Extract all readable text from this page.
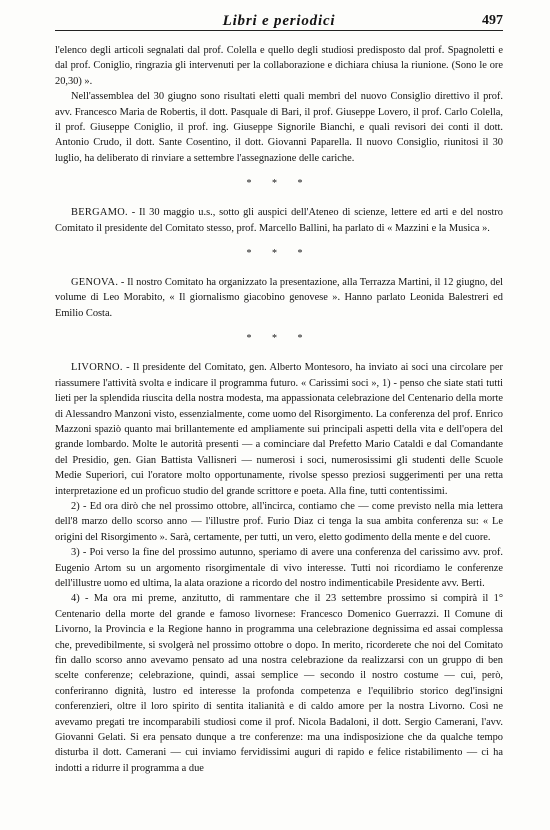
Libri e periodici	497

l'elenco degli articoli segnalati dal prof. Colella e quello degli studiosi predisposto dal prof. Spagnoletti e dal prof. Coniglio, ringrazia gli intervenuti per la collaborazione e dichiara chiusa la riunione. (Sono le ore 20,30) ».

Nell'assemblea del 30 giugno sono risultati eletti quali membri del nuovo Consiglio direttivo il prof. avv. Francesco Maria de Robertis, il dott. Pasquale di Bari, il prof. Giuseppe Lovero, il prof. Carlo Colella, il prof. Giuseppe Coniglio, il prof. ing. Giuseppe Signorile Bianchi, e quali revisori dei conti il dott. Antonio Crudo, il dott. Sante Cosentino, il dott. Giovanni Paparella. Il nuovo Consiglio, riunitosi il 30 luglio, ha deliberato di rinviare a settembre l'assegnazione delle cariche.

* * *

BERGAMO. - Il 30 maggio u.s., sotto gli auspici dell'Ateneo di scienze, lettere ed arti e del nostro Comitato il presidente del Comitato stesso, prof. Marcello Ballini, ha parlato di « Mazzini e la Musica ».

* * *

GENOVA. - Il nostro Comitato ha organizzato la presentazione, alla Terrazza Martini, il 12 giugno, del volume di Leo Morabito, « Il giornalismo giacobino genovese ». Hanno parlato Leonida Balestreri ed Emilio Costa.

* * *

LIVORNO. - Il presidente del Comitato, gen. Alberto Montesoro, ha inviato ai soci una circolare per riassumere l'attività svolta e indicare il programma futuro. « Carissimi soci », 1) - penso che siate stati tutti lieti per la splendida riuscita della nostra modesta, ma appassionata celebrazione del Centenario della morte di Alessandro Manzoni visto, essenzialmente, come uomo del Risorgimento. La conferenza del prof. Enrico Mazzoni spaziò quanto mai brillantemente ed ampliamente sui principali aspetti della vita e dell'opera del grande lombardo. Molte le autorità presenti — a cominciare dal Prefetto Mario Cataldi e dal Comandante del Presidio, gen. Gian Battista Vallisneri — numerosi i soci, numerosissimi gli studenti delle Scuole Medie Superiori, cui l'oratore molto opportunamente, rivolse spesso preziosi suggerimenti per una retta interpretazione ed un proficuo studio del grande scrittore e poeta. Alla fine, tutti contentissimi.

2) - Ed ora dirò che nel prossimo ottobre, all'incirca, contiamo che — come previsto nella mia lettera dell'8 marzo dello scorso anno — l'illustre prof. Furio Diaz ci tenga la sua ambita conferenza su: « Le origini del Risorgimento ». Sarà, certamente, per tutti, un vero, eletto godimento della mente e del cuore.

3) - Poi verso la fine del prossimo autunno, speriamo di avere una conferenza del carissimo avv. prof. Eugenio Artom su un argomento risorgimentale di vivo interesse. Tutti noi ricordiamo le conferenze dell'illustre uomo ed ultima, la alata orazione a ricordo del nostro indimenticabile Presidente avv. Berti.

4) - Ma ora mi preme, anzitutto, di rammentare che il 23 settembre prossimo si compirà il 1° Centenario della morte del grande e famoso livornese: Francesco Domenico Guerrazzi. Il Comune di Livorno, la Provincia e la Regione hanno in programma una celebrazione degnissima ed assai complessa che, prevedibilmente, si svolgerà nel prossimo ottobre o dopo. In merito, ricorderete che noi del Comitato fin dallo scorso anno avevamo pensato ad una nostra celebrazione da realizzarsi con un gruppo di ben scelte conferenze; celebrazione, quindi, assai semplice — secondo il nostro costume — cui, però, conferiranno dignità, lustro ed interesse la profonda competenza e l'equilibrio storico degl'insigni conferenzieri, oltre il loro spirito di sentita italianità e di caldo amore per la nostra Livorno. Così ne avevamo pregati tre incomparabili studiosi come il prof. Nicola Badaloni, il dott. Sergio Camerani, l'avv. Giovanni Gelati. Si era pensato dunque a tre conferenze: ma una indisposizione che da qualche tempo disturba il dott. Camerani — cui inviamo fervidissimi auguri di rapido e felice ristabilimento — ci ha indotti a ridurre il programma a due
